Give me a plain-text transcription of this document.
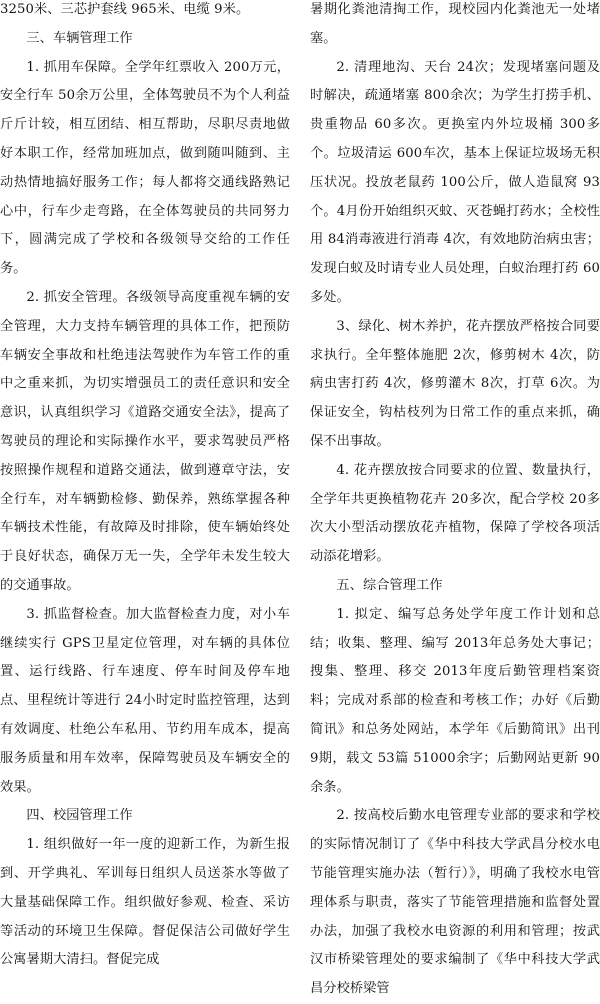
3250米、三芯护套线 965米、电缆 9米。

三、车辆管理工作

1. 抓用车保障。全学年红票收入 200万元，安全行车 50余万公里，全体驾驶员不为个人利益斤斤计较，相互团结、相互帮助，尽职尽责地做好本职工作，经常加班加点，做到随叫随到、主动热情地搞好服务工作；每人都将交通线路熟记心中，行车少走弯路，在全体驾驶员的共同努力下，圆满完成了学校和各级领导交给的工作任务。

2. 抓安全管理。各级领导高度重视车辆的安全管理，大力支持车辆管理的具体工作，把预防车辆安全事故和杜绝违法驾驶作为车管工作的重中之重来抓，为切实增强员工的责任意识和安全意识，认真组织学习《道路交通安全法》，提高了驾驶员的理论和实际操作水平，要求驾驶员严格按照操作规程和道路交通法，做到遵章守法，安全行车，对车辆勤检修、勤保养，熟练掌握各种车辆技术性能，有故障及时排除，使车辆始终处于良好状态，确保万无一失，全学年未发生较大的交通事故。

3. 抓监督检查。加大监督检查力度，对小车继续实行 GPS卫星定位管理，对车辆的具体位置、运行线路、行车速度、停车时间及停车地点、里程统计等进行 24小时定时监控管理，达到有效调度、杜绝公车私用、节约用车成本，提高服务质量和用车效率，保障驾驶员及车辆安全的效果。

四、校园管理工作

1. 组织做好一年一度的迎新工作，为新生报到、开学典礼、军训每日组织人员送茶水等做了大量基础保障工作。组织做好参观、检查、采访等活动的环境卫生保障。督促保洁公司做好学生公寓暑期大清扫。督促完成

暑期化粪池清掏工作，现校园内化粪池无一处堵塞。

2. 清理地沟、天台 24次；发现堵塞问题及时解决，疏通堵塞 800余次；为学生打捞手机、贵重物品 60多次。更换室内外垃圾桶 300多个。垃圾清运 600车次，基本上保证垃圾场无积压状况。投放老鼠药 100公斤，做人造鼠窝 93个。4月份开始组织灭蚊、灭苍蝇打药水；全校性用 84消毒液进行消毒 4次，有效地防治病虫害；发现白蚁及时请专业人员处理，白蚁治理打药 60多处。

3、绿化、树木养护，花卉摆放严格按合同要求执行。全年整体施肥 2次，修剪树木 4次，防病虫害打药 4次，修剪灌木 8次，打草 6次。为保证安全，钩枯枝列为日常工作的重点来抓，确保不出事故。

4. 花卉摆放按合同要求的位置、数量执行，全学年共更换植物花卉 20多次，配合学校 20多次大小型活动摆放花卉植物，保障了学校各项活动添花增彩。

五、综合管理工作

1. 拟定、编写总务处学年度工作计划和总结；收集、整理、编写 2013年总务处大事记；搜集、整理、移交 2013年度后勤管理档案资料；完成对系部的检查和考核工作；办好《后勤简讯》和总务处网站，本学年《后勤简讯》出刊 9期，载文 53篇 51000余字；后勤网站更新 90余条。

2. 按高校后勤水电管理专业部的要求和学校的实际情况制订了《华中科技大学武昌分校水电节能管理实施办法（暂行）》，明确了我校水电管理体系与职责，落实了节能管理措施和监督处置办法，加强了我校水电资源的利用和管理；按武汉市桥梁管理处的要求编制了《华中科技大学武昌分校桥梁管
